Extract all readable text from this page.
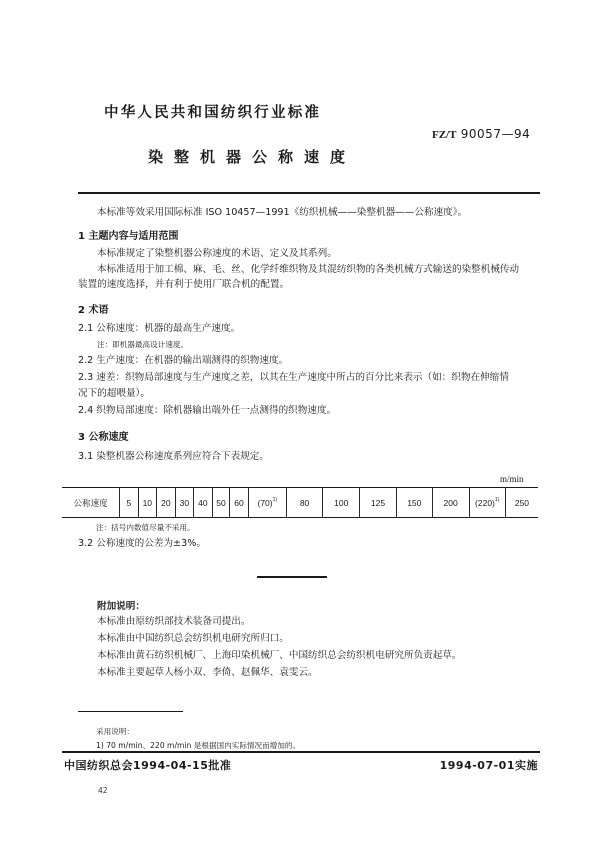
中华人民共和国纺织行业标准
FZ/T 90057—94
染整机器公称速度
本标准等效采用国际标准 ISO 10457—1991《纺织机械——染整机器——公称速度》。
1 主题内容与适用范围
本标准规定了染整机器公称速度的术语、定义及其系列。
本标准适用于加工棉、麻、毛、丝、化学纤维织物及其混纺织物的各类机械方式输送的染整机械传动
装置的速度选择，并有利于使用厂联合机的配置。
2 术语
2.1 公称速度：机器的最高生产速度。
注：即机器最高设计速度。
2.2 生产速度：在机器的输出端测得的织物速度。
2.3 速差：织物局部速度与生产速度之差，以其在生产速度中所占的百分比来表示（如：织物在伸缩情
况下的超喂量）。
2.4 织物局部速度：除机器输出端外任一点测得的织物速度。
3 公称速度
3.1 染整机器公称速度系列应符合下表规定。
m/min
公称速度	5	10	20	30	40	50	60	$(70)^{1)}$	80	100	125	150	200	$(220)^{1)}$	250
注：括号内数值尽量不采用。
3.2 公称速度的公差为±3%。
附加说明：
本标准由原纺织部技术装备司提出。
本标准由中国纺织总会纺织机电研究所归口。
本标准由黄石纺织机械厂、上海印染机械厂、中国纺织总会纺织机电研究所负责起草。
本标准主要起草人杨小双、李倚、赵佩华、袁雯云。
采用说明：
1) 70 m/min、220 m/min 是根据国内实际情况而增加的。
中国纺织总会1994-04-15批准	1994-07-01实施
42
